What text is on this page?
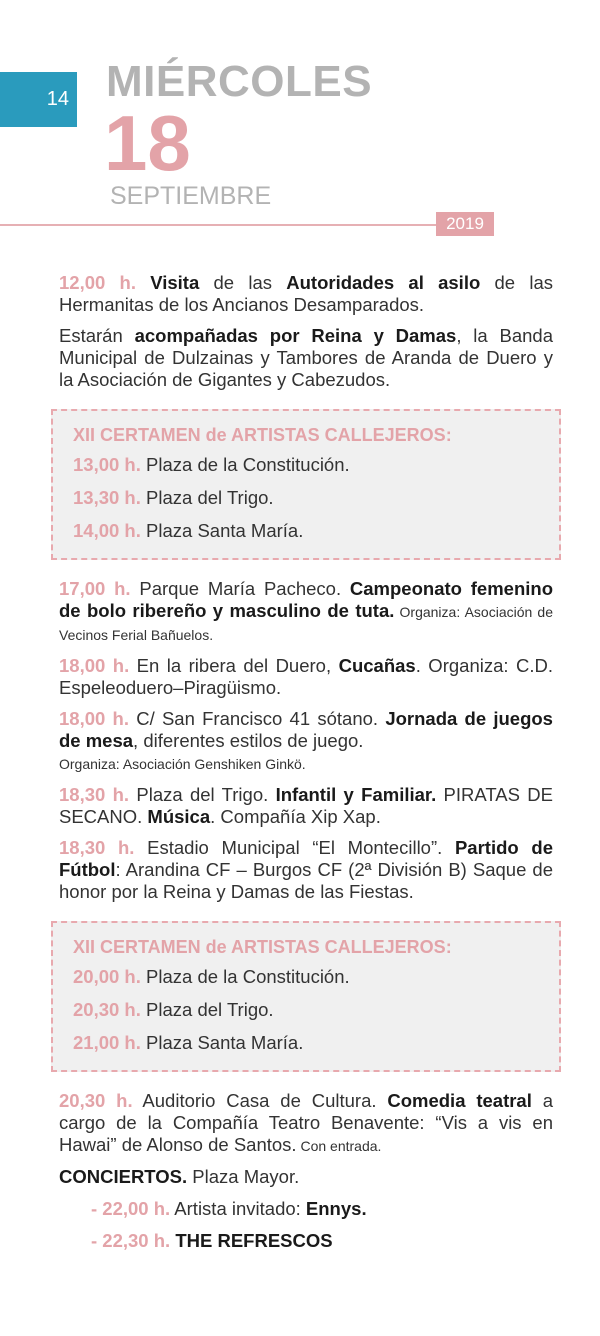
14 MIÉRCOLES
18
SEPTIEMBRE
2019

12,00 h. Visita de las Autoridades al asilo de las Hermanitas de los Ancianos Desamparados.

Estarán acompañadas por Reina y Damas, la Banda Municipal de Dulzainas y Tambores de Aranda de Duero y la Asociación de Gigantes y Cabezudos.

XII CERTAMEN de ARTISTAS CALLEJEROS:
13,00 h. Plaza de la Constitución.
13,30 h. Plaza del Trigo.
14,00 h. Plaza Santa María.

17,00 h. Parque María Pacheco. Campeonato femenino de bolo ribereño y masculino de tuta. Organiza: Asociación de Vecinos Ferial Bañuelos.

18,00 h. En la ribera del Duero, Cucañas. Organiza: C.D. Espeleoduero–Piragüismo.

18,00 h. C/ San Francisco 41 sótano. Jornada de juegos de mesa, diferentes estilos de juego.
Organiza: Asociación Genshiken Ginkö.

18,30 h. Plaza del Trigo. Infantil y Familiar. PIRATAS DE SECANO. Música. Compañía Xip Xap.

18,30 h. Estadio Municipal “El Montecillo”. Partido de Fútbol: Arandina CF – Burgos CF (2ª División B) Saque de honor por la Reina y Damas de las Fiestas.

XII CERTAMEN de ARTISTAS CALLEJEROS:
20,00 h. Plaza de la Constitución.
20,30 h. Plaza del Trigo.
21,00 h. Plaza Santa María.

20,30 h. Auditorio Casa de Cultura. Comedia teatral a cargo de la Compañía Teatro Benavente: “Vis a vis en Hawai” de Alonso de Santos. Con entrada.

CONCIERTOS. Plaza Mayor.
- 22,00 h. Artista invitado: Ennys.
- 22,30 h. THE REFRESCOS
